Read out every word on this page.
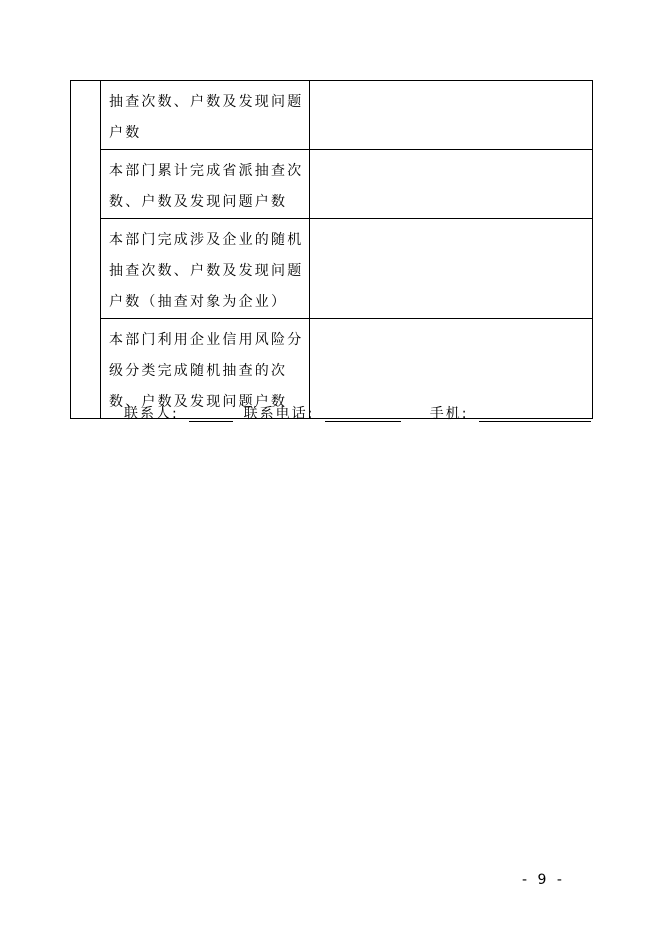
	抽查次数、户数及发现问题户数	

	本部门累计完成省派抽查次数、户数及发现问题户数	

	本部门完成涉及企业的随机抽查次数、户数及发现问题户数（抽查对象为企业）	

	本部门利用企业信用风险分级分类完成随机抽查的次数、户数及发现问题户数	

联系人:	联系电话:	手机:
- 9 -
